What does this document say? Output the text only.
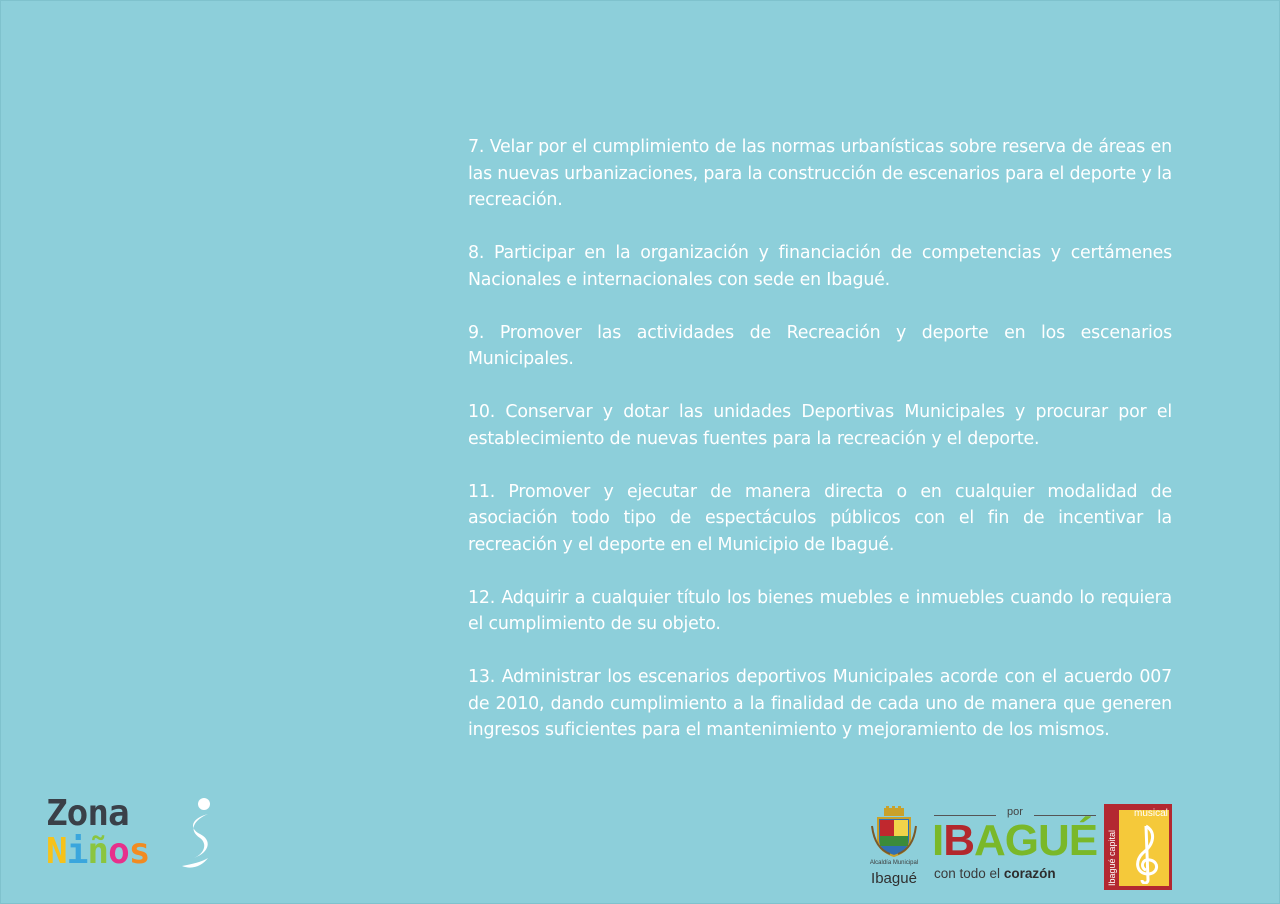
7. Velar por el cumplimiento de las normas urbanísticas sobre reserva de áreas en las nuevas urbanizaciones, para la construcción de escenarios para el deporte y la recreación.

8. Participar en la organización y financiación de competencias y certámenes Nacionales e internacionales con sede en Ibagué.

9. Promover las actividades de Recreación y deporte en los escenarios Municipales.

10. Conservar y dotar las unidades Deportivas Municipales y procurar por el establecimiento de nuevas fuentes para la recreación y el deporte.

11. Promover y ejecutar de manera directa o en cualquier modalidad de asociación todo tipo de espectáculos públicos con el fin de incentivar la recreación y el deporte en el Municipio de Ibagué.

12. Adquirir a cualquier título los bienes muebles e inmuebles cuando lo requiera el cumplimiento de su objeto.

13. Administrar los escenarios deportivos Municipales acorde con el acuerdo 007 de 2010, dando cumplimiento a la finalidad de cada uno de manera que generen ingresos suficientes para el mantenimiento y mejoramiento de los mismos.

Zona
Niños	Alcaldía Municipal
Ibagué
por
IBAGUÉ
con todo el corazón
musical
Ibagué capital
